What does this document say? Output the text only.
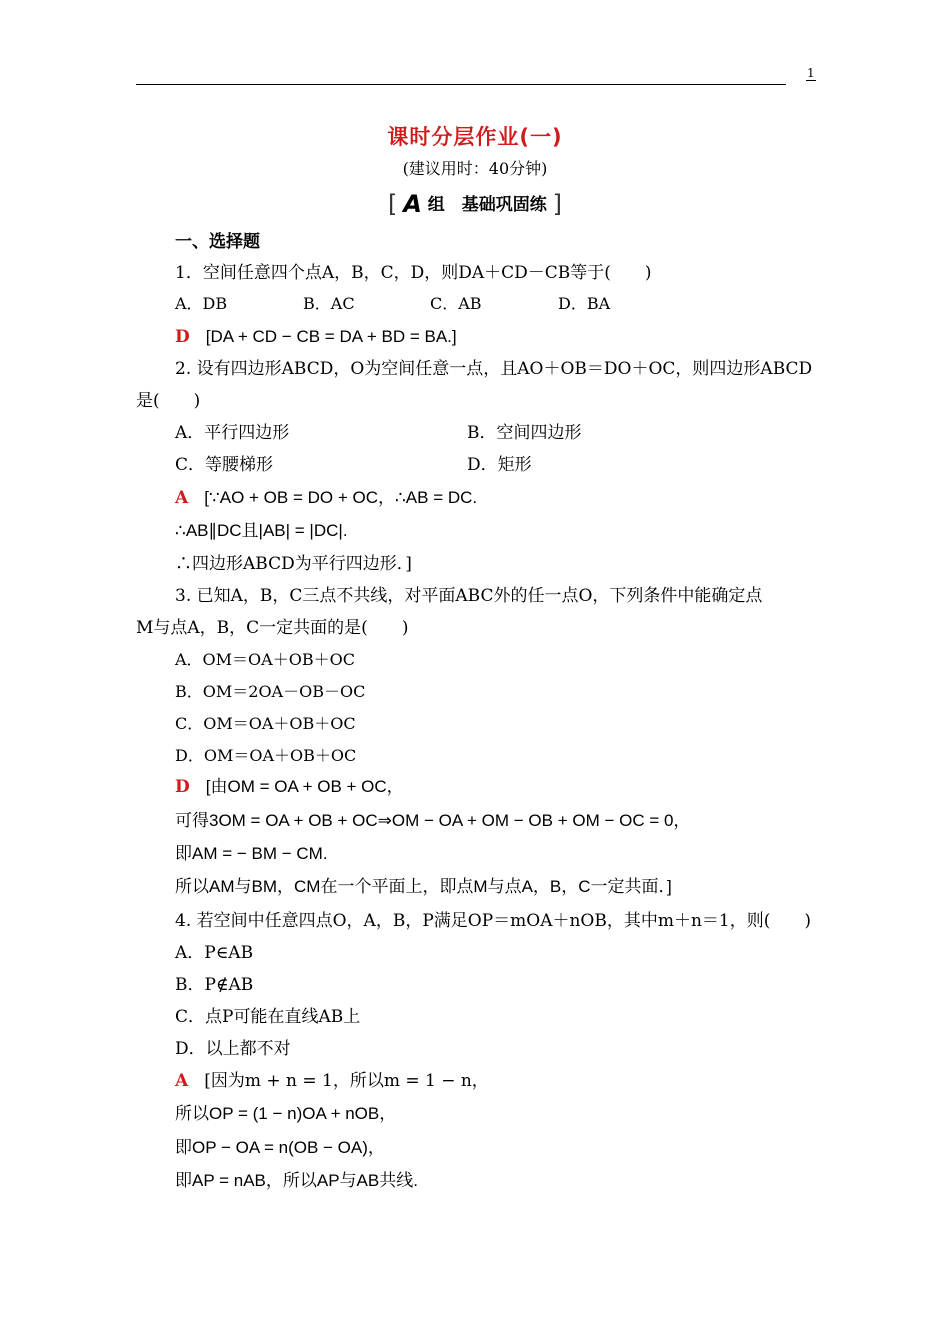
1
课时分层作业(一)
(建议用时：40分钟)
[ A 组　基础巩固练 ]
一、选择题
1．空间任意四个点A，B，C，D，则DA＋CD－CB等于(　　)
A．DB	B．AC	C．AB	D．BA
D [DA + CD − CB = DA + BD = BA.]
2. 设有四边形ABCD，O为空间任意一点，且AO＋OB＝DO＋OC，则四边形ABCD
是(　　)
A．平行四边形	B．空间四边形
C．等腰梯形	D．矩形
A [∵AO + OB = DO + OC，∴AB = DC.
∴AB∥DC且|AB| = |DC|.
∴四边形ABCD为平行四边形．]
3. 已知A，B，C三点不共线，对平面ABC外的任一点O，下列条件中能确定点
M与点A，B，C一定共面的是(　　)
A．OM＝OA＋OB＋OC
B．OM＝2OA－OB－OC
C．OM＝OA＋OB＋OC
D．OM＝OA＋OB＋OC
D [由OM = OA + OB + OC，
可得3OM = OA + OB + OC⇒OM − OA + OM − OB + OM − OC = 0，
即AM = − BM − CM.
所以AM与BM，CM在一个平面上，即点M与点A，B，C一定共面．]
4. 若空间中任意四点O，A，B，P满足OP＝mOA＋nOB，其中m＋n＝1，则(　　)
A．P∈AB
B．P∉AB
C．点P可能在直线AB上
D．以上都不对
A [因为m + n = 1，所以m = 1 − n，
所以OP = (1 − n)OA + nOB，
即OP − OA = n(OB − OA)，
即AP = nAB，所以AP与AB共线.
